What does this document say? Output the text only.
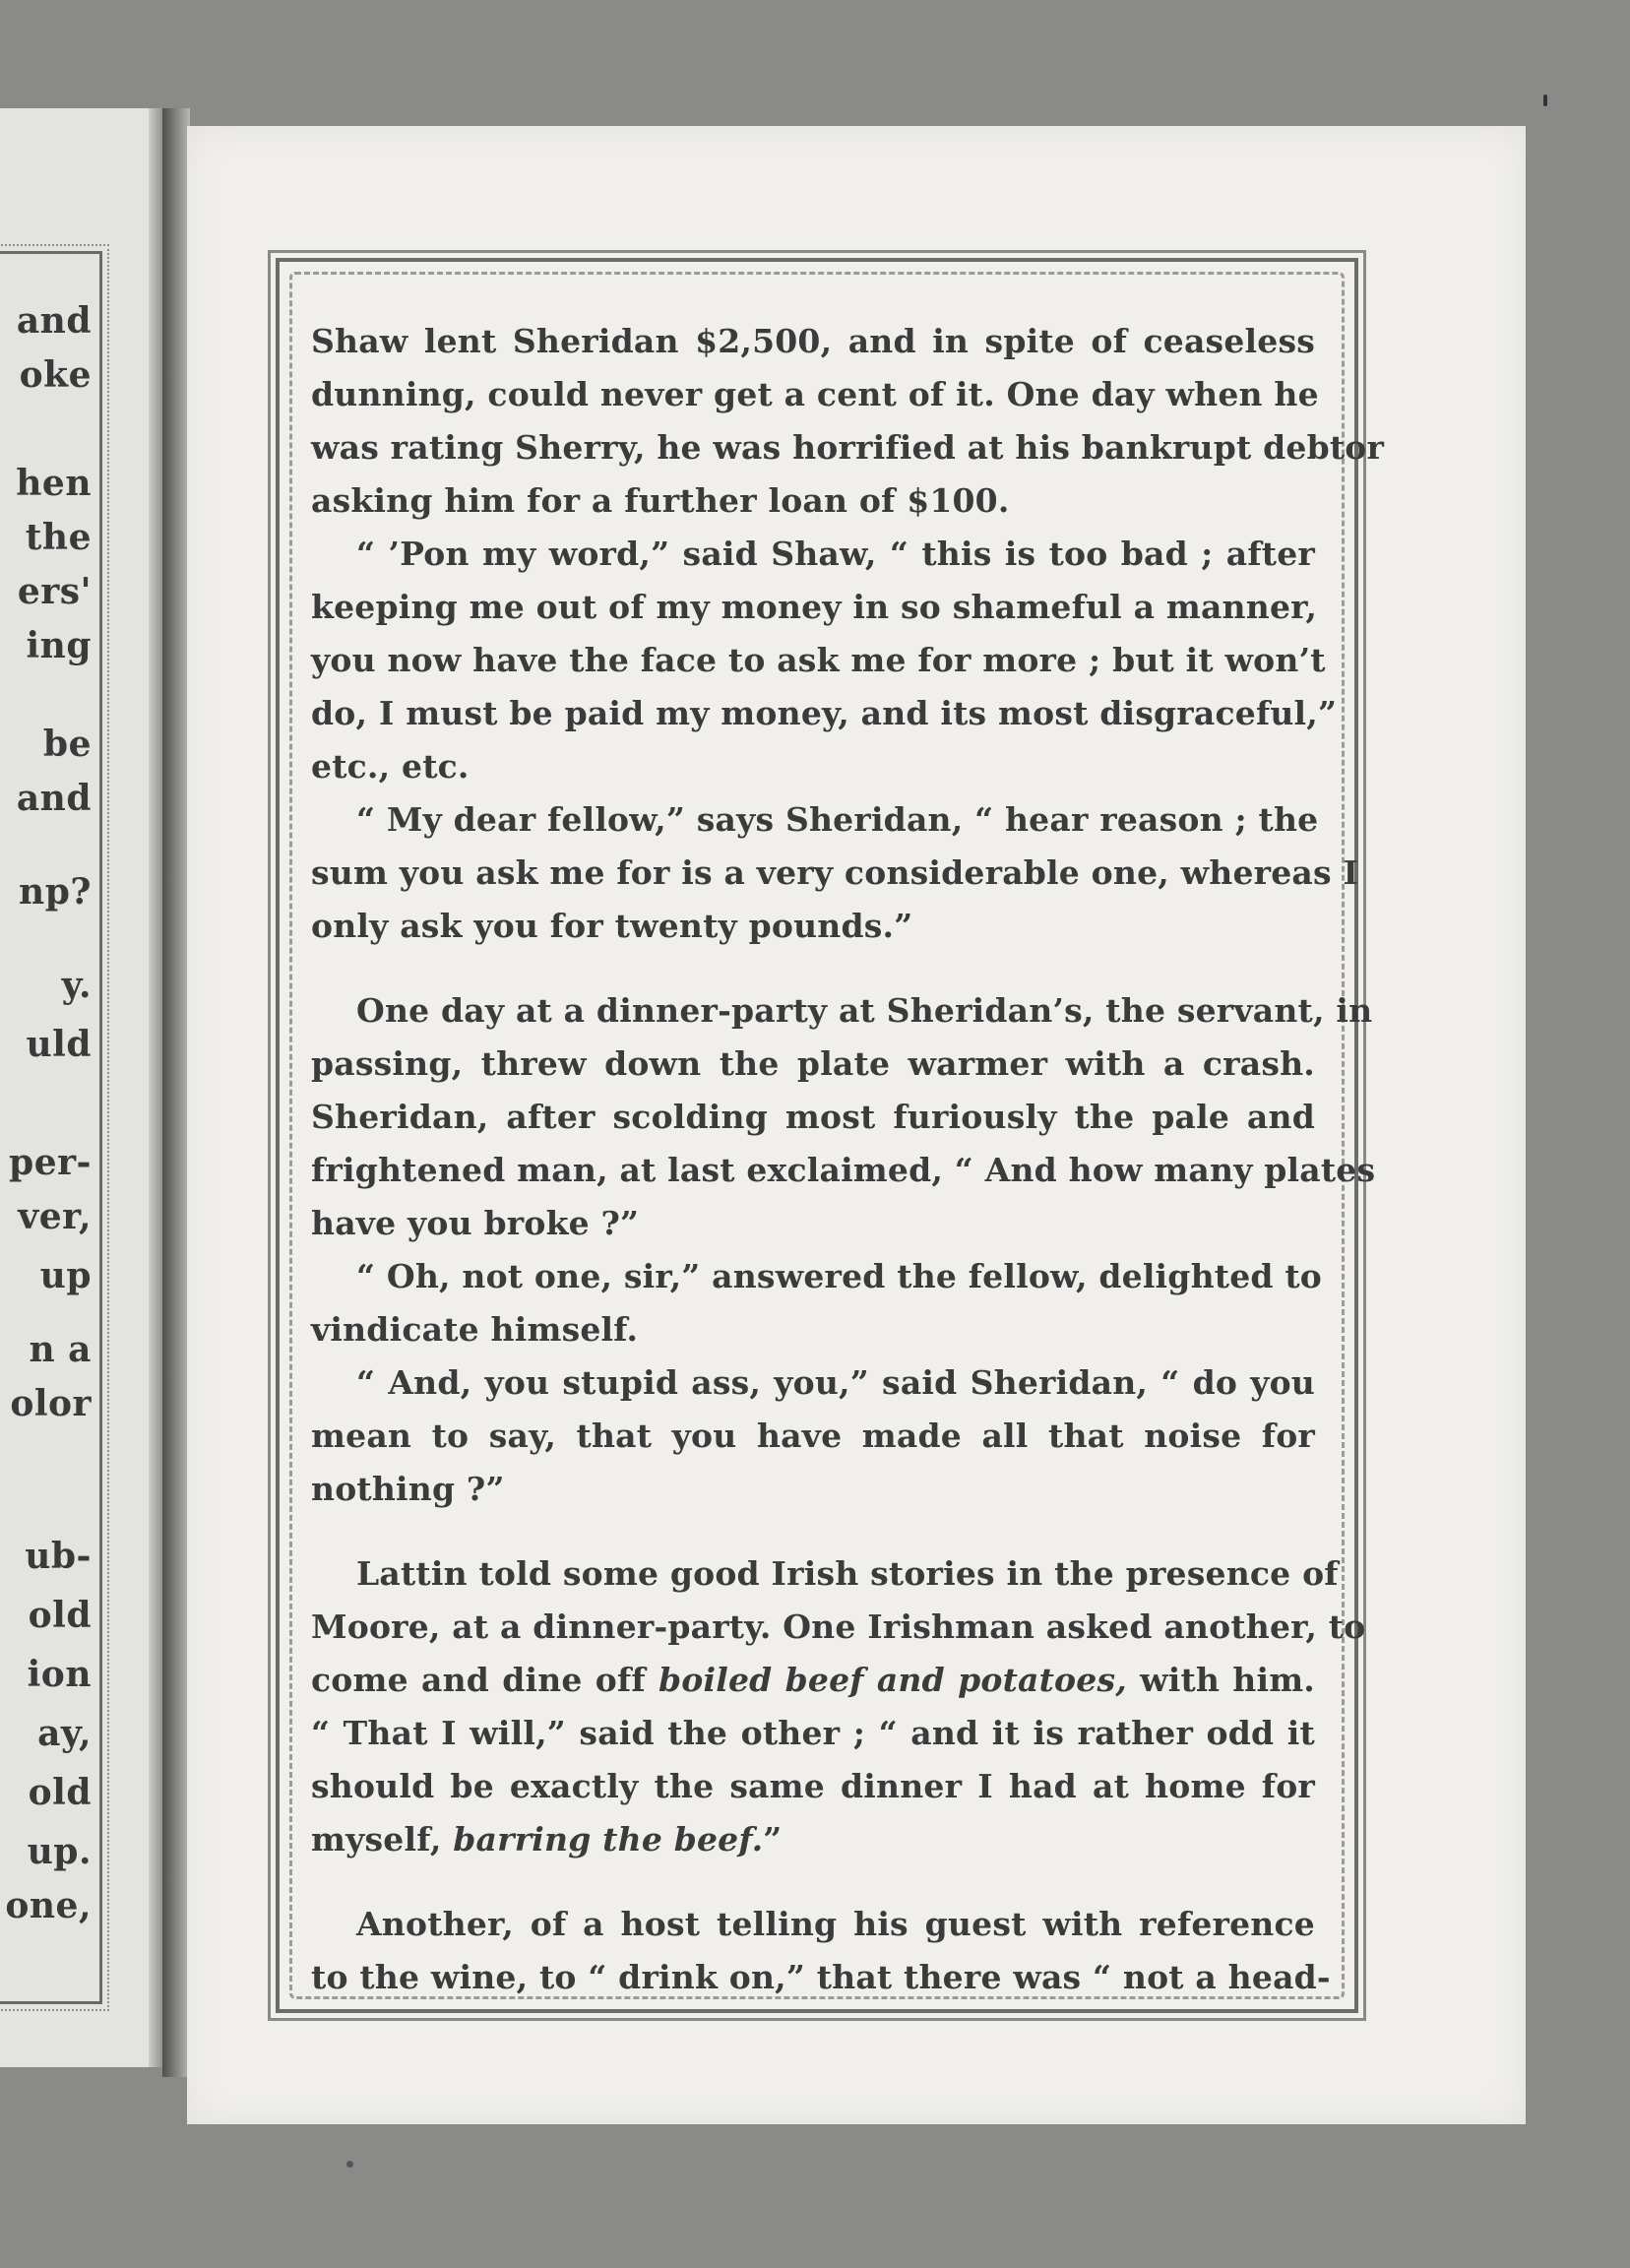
and
oke
hen
the
ers'
ing
be
and
np?
y.
uld
per-
ver,
up
n a
olor
ub-
old
ion
ay,
old
up.
one,
Shaw lent Sheridan $2,500, and in spite of ceaseless
dunning, could never get a cent of it. One day when he
was rating Sherry, he was horrified at his bankrupt debtor
asking him for a further loan of $100.
“ ’Pon my word,” said Shaw, “ this is too bad ; after
keeping me out of my money in so shameful a manner,
you now have the face to ask me for more ; but it won’t
do, I must be paid my money, and its most disgraceful,”
etc., etc.
“ My dear fellow,” says Sheridan, “ hear reason ; the
sum you ask me for is a very considerable one, whereas I
only ask you for twenty pounds.”
One day at a dinner-party at Sheridan’s, the servant, in
passing, threw down the plate warmer with a crash.
Sheridan, after scolding most furiously the pale and
frightened man, at last exclaimed, “ And how many plates
have you broke ?”
“ Oh, not one, sir,” answered the fellow, delighted to
vindicate himself.
“ And, you stupid ass, you,” said Sheridan, “ do you
mean to say, that you have made all that noise for
nothing ?”
Lattin told some good Irish stories in the presence of
Moore, at a dinner-party. One Irishman asked another, to
come and dine off boiled beef and potatoes, with him.
“ That I will,” said the other ; “ and it is rather odd it
should be exactly the same dinner I had at home for
myself, barring the beef.”
Another, of a host telling his guest with reference
to the wine, to “ drink on,” that there was “ not a head-
